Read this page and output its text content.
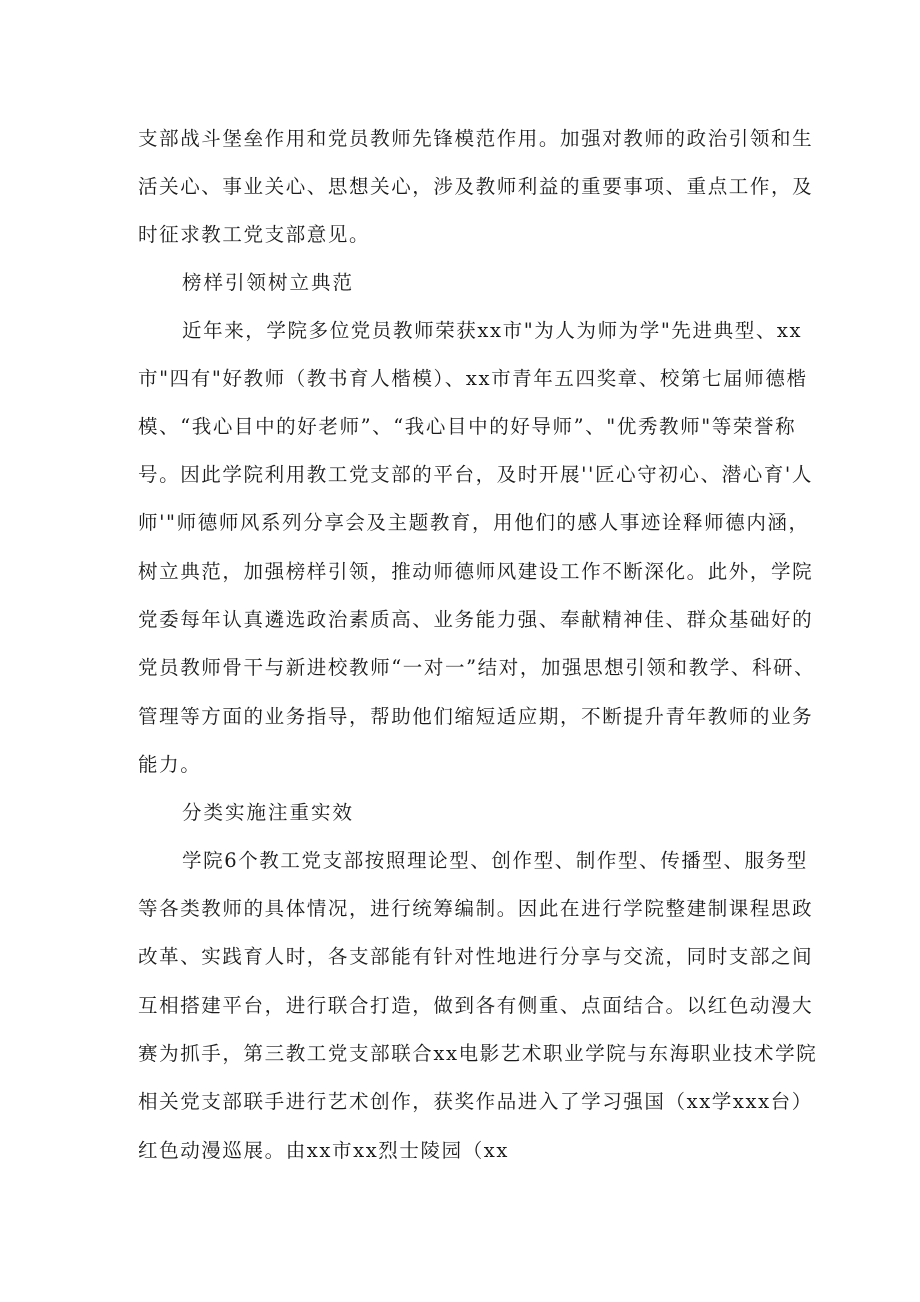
支部战斗堡垒作用和党员教师先锋模范作用。加强对教师的政治引领和生
活关心、事业关心、思想关心，涉及教师利益的重要事项、重点工作，及
时征求教工党支部意见。
榜样引领树立典范
近年来，学院多位党员教师荣获xx市"为人为师为学"先进典型、xx
市"四有"好教师（教书育人楷模）、xx市青年五四奖章、校第七届师德楷
模、“我心目中的好老师”、“我心目中的好导师”、"优秀教师"等荣誉称
号。因此学院利用教工党支部的平台，及时开展''匠心守初心、潜心育'人
师'"师德师风系列分享会及主题教育，用他们的感人事迹诠释师德内涵，
树立典范，加强榜样引领，推动师德师风建设工作不断深化。此外，学院
党委每年认真遴选政治素质高、业务能力强、奉献精神佳、群众基础好的
党员教师骨干与新进校教师“一对一”结对，加强思想引领和教学、科研、
管理等方面的业务指导，帮助他们缩短适应期，不断提升青年教师的业务
能力。
分类实施注重实效
学院6个教工党支部按照理论型、创作型、制作型、传播型、服务型
等各类教师的具体情况，进行统筹编制。因此在进行学院整建制课程思政
改革、实践育人时，各支部能有针对性地进行分享与交流，同时支部之间
互相搭建平台，进行联合打造，做到各有侧重、点面结合。以红色动漫大
赛为抓手，第三教工党支部联合xx电影艺术职业学院与东海职业技术学院
相关党支部联手进行艺术创作，获奖作品进入了学习强国（xx学xxx台）
红色动漫巡展。由xx市xx烈士陵园（xx
